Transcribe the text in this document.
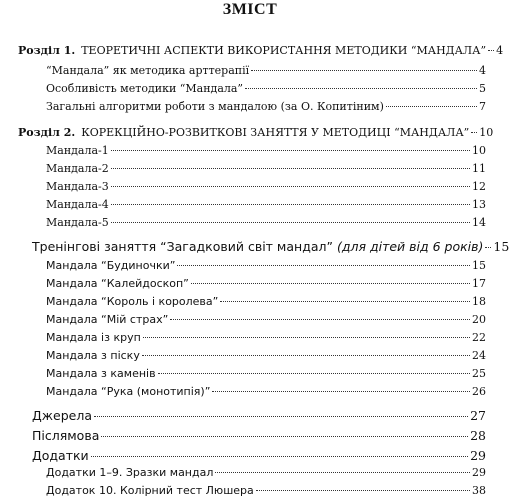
ЗМІСТ
Розділ 1. ТЕОРЕТИЧНІ АСПЕКТИ ВИКОРИСТАННЯ МЕТОДИКИ “МАНДАЛА” 4
“Мандала” як методика арттерапії	4
Особливість методики “Мандала”	5
Загальні алгоритми роботи з мандалою (за О. Копитіним)	7
Розділ 2. КОРЕКЦІЙНО-РОЗВИТКОВІ ЗАНЯТТЯ У МЕТОДИЦІ “МАНДАЛА” 10
Мандала-1	10
Мандала-2	11
Мандала-3	12
Мандала-4	13
Мандала-5	14
Тренінгові заняття “Загадковий світ мандал” (для дітей від 6 років) 15
Мандала “Будиночки”	15
Мандала “Калейдоскоп”	17
Мандала “Король і королева”	18
Мандала “Мій страх”	20
Мандала із круп	22
Мандала з піску	24
Мандала з каменів	25
Мандала “Рука (монотипія)”	26
Джерела	27
Післямова	28
Додатки	29
Додатки 1–9. Зразки мандал	29
Додаток 10. Колірний тест Люшера	38
